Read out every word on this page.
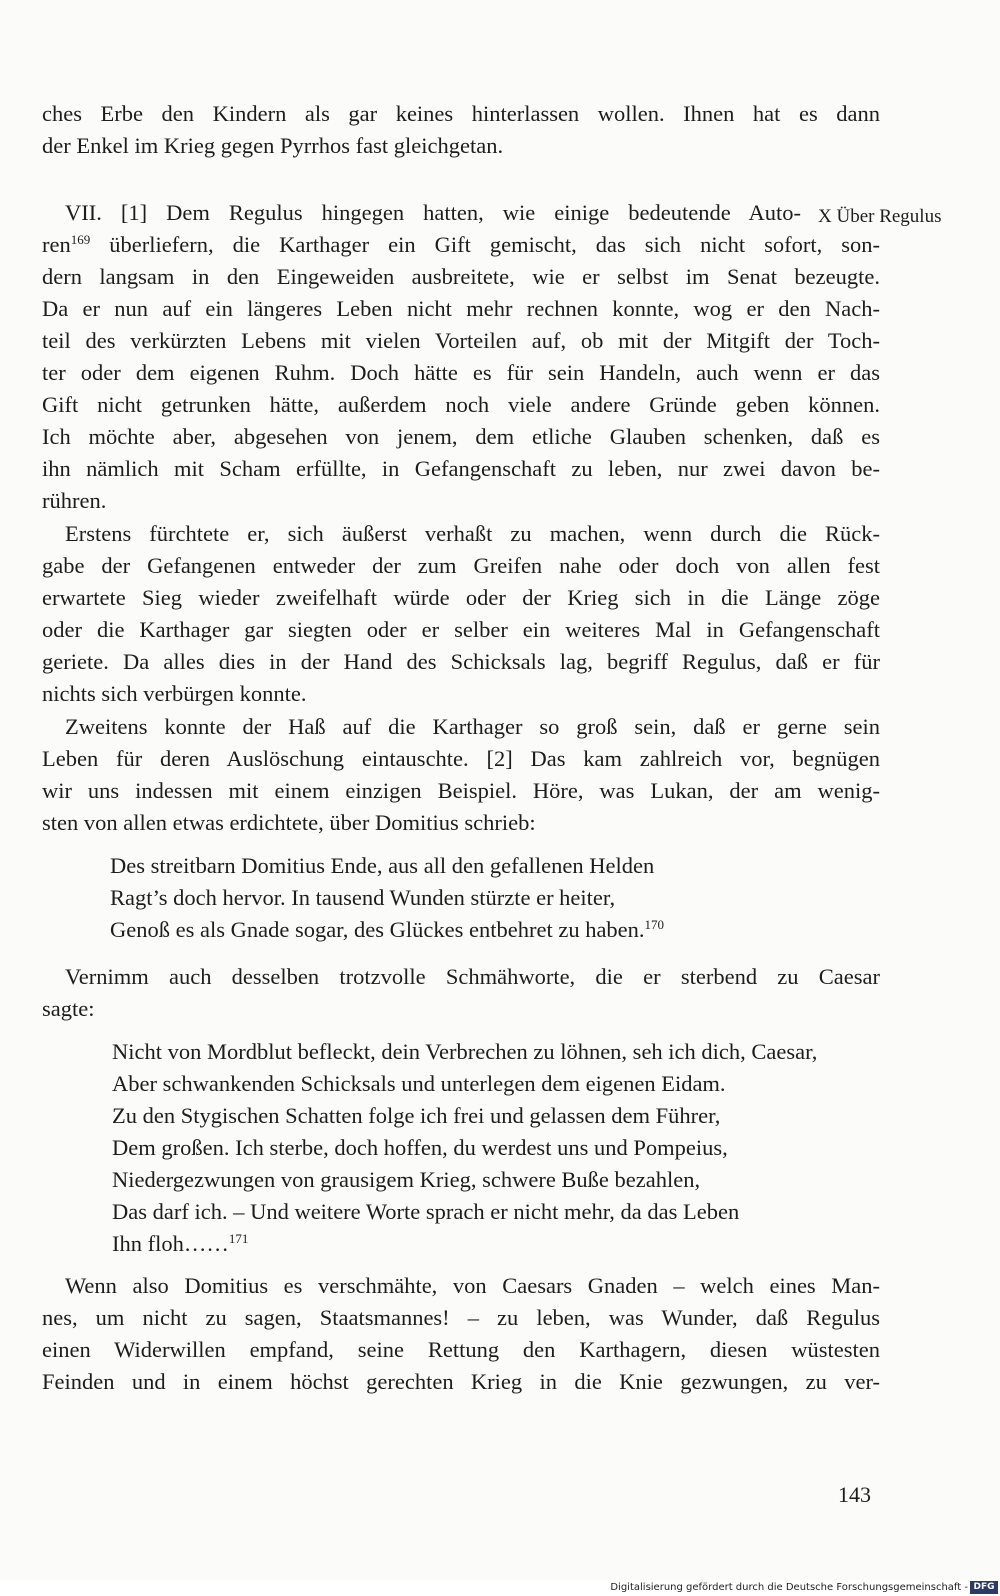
ches Erbe den Kindern als gar keines hinterlassen wollen. Ihnen hat es dann
der Enkel im Krieg gegen Pyrrhos fast gleichgetan.
VII. [1] Dem Regulus hingegen hatten, wie einige bedeutende Auto- X Über Regulus
ren$^{169}$ überliefern, die Karthager ein Gift gemischt, das sich nicht sofort, son-
dern langsam in den Eingeweiden ausbreitete, wie er selbst im Senat bezeugte.
Da er nun auf ein längeres Leben nicht mehr rechnen konnte, wog er den Nach-
teil des verkürzten Lebens mit vielen Vorteilen auf, ob mit der Mitgift der Toch-
ter oder dem eigenen Ruhm. Doch hätte es für sein Handeln, auch wenn er das
Gift nicht getrunken hätte, außerdem noch viele andere Gründe geben können.
Ich möchte aber, abgesehen von jenem, dem etliche Glauben schenken, daß es
ihn nämlich mit Scham erfüllte, in Gefangenschaft zu leben, nur zwei davon be-
rühren.
Erstens fürchtete er, sich äußerst verhaßt zu machen, wenn durch die Rück-
gabe der Gefangenen entweder der zum Greifen nahe oder doch von allen fest
erwartete Sieg wieder zweifelhaft würde oder der Krieg sich in die Länge zöge
oder die Karthager gar siegten oder er selber ein weiteres Mal in Gefangenschaft
geriete. Da alles dies in der Hand des Schicksals lag, begriff Regulus, daß er für
nichts sich verbürgen konnte.
Zweitens konnte der Haß auf die Karthager so groß sein, daß er gerne sein
Leben für deren Auslöschung eintauschte. [2] Das kam zahlreich vor, begnügen
wir uns indessen mit einem einzigen Beispiel. Höre, was Lukan, der am wenig-
sten von allen etwas erdichtete, über Domitius schrieb:
Des streitbarn Domitius Ende, aus all den gefallenen Helden
Ragt’s doch hervor. In tausend Wunden stürzte er heiter,
Genoß es als Gnade sogar, des Glückes entbehret zu haben.$^{170}$
Vernimm auch desselben trotzvolle Schmähworte, die er sterbend zu Caesar
sagte:
Nicht von Mordblut befleckt, dein Verbrechen zu löhnen, seh ich dich, Caesar,
Aber schwankenden Schicksals und unterlegen dem eigenen Eidam.
Zu den Stygischen Schatten folge ich frei und gelassen dem Führer,
Dem großen. Ich sterbe, doch hoffen, du werdest uns und Pompeius,
Niedergezwungen von grausigem Krieg, schwere Buße bezahlen,
Das darf ich. – Und weitere Worte sprach er nicht mehr, da das Leben
Ihn floh……$^{171}$
Wenn also Domitius es verschmähte, von Caesars Gnaden – welch eines Man-
nes, um nicht zu sagen, Staatsmannes! – zu leben, was Wunder, daß Regulus
einen Widerwillen empfand, seine Rettung den Karthagern, diesen wüstesten
Feinden und in einem höchst gerechten Krieg in die Knie gezwungen, zu ver-
143
Digitalisierung gefördert durch die Deutsche Forschungsgemeinschaft - DFG
